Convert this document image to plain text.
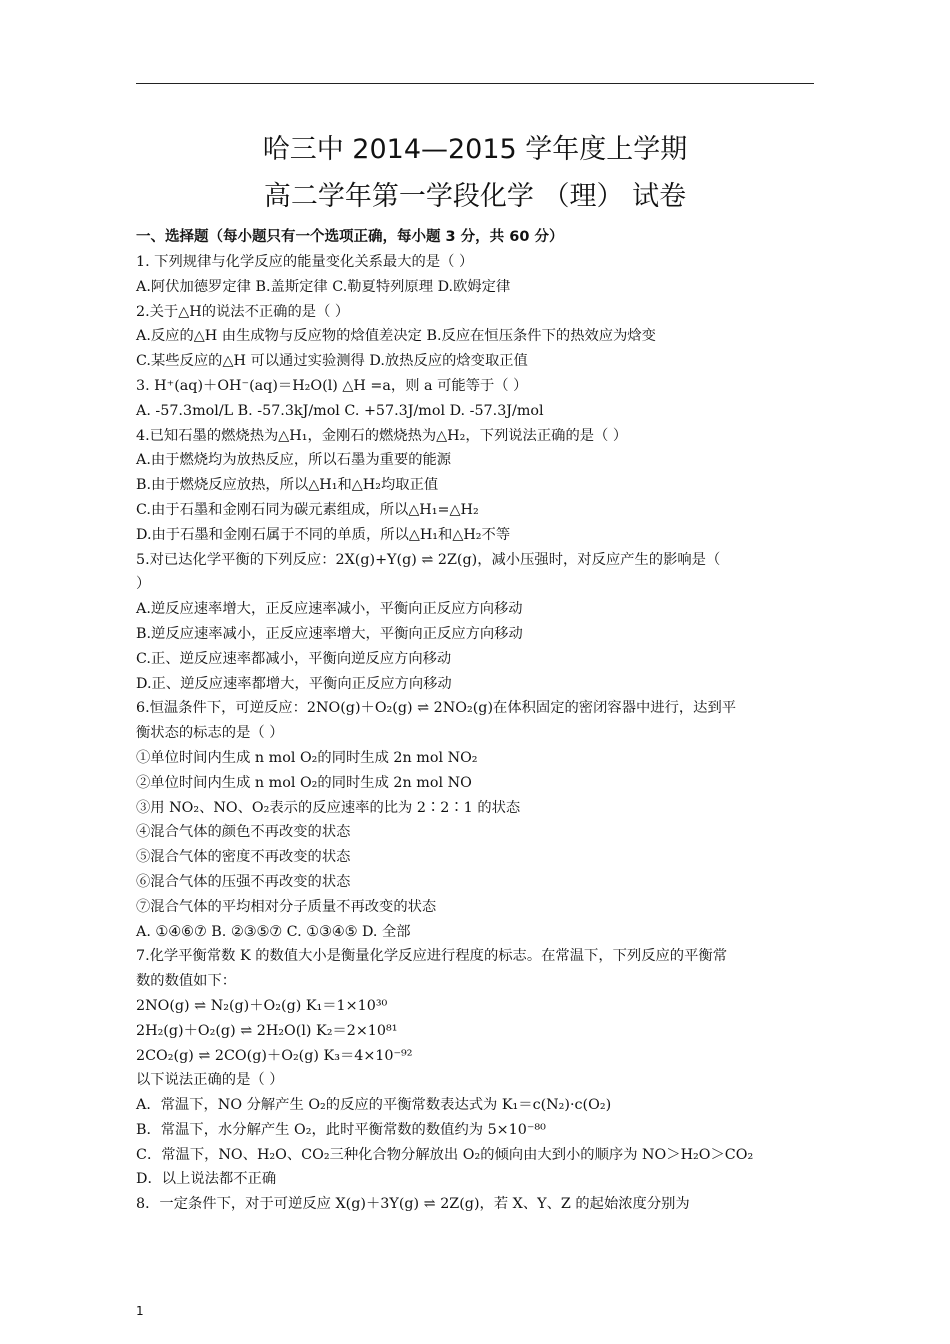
哈三中 2014—2015 学年度上学期
高二学年第一学段化学 （理） 试卷
一、选择题（每小题只有一个选项正确，每小题 3 分，共 60 分）
1. 下列规律与化学反应的能量变化关系最大的是（ ）
A.阿伏加德罗定律 B.盖斯定律 C.勒夏特列原理 D.欧姆定律
2.关于△H的说法不正确的是（ ）
A.反应的△H 由生成物与反应物的焓值差决定 B.反应在恒压条件下的热效应为焓变
C.某些反应的△H 可以通过实验测得 D.放热反应的焓变取正值
3. H⁺(aq)＋OH⁻(aq)＝H₂O(l) △H =a，则 a 可能等于（ ）
A. -57.3mol/L B. -57.3kJ/mol C. +57.3J/mol D. -57.3J/mol
4.已知石墨的燃烧热为△H₁，金刚石的燃烧热为△H₂，下列说法正确的是（ ）
A.由于燃烧均为放热反应，所以石墨为重要的能源
B.由于燃烧反应放热，所以△H₁和△H₂均取正值
C.由于石墨和金刚石同为碳元素组成，所以△H₁=△H₂
D.由于石墨和金刚石属于不同的单质，所以△H₁和△H₂不等
5.对已达化学平衡的下列反应：2X(g)+Y(g) ⇌ 2Z(g)，减小压强时，对反应产生的影响是（
）
A.逆反应速率增大，正反应速率减小，平衡向正反应方向移动
B.逆反应速率减小，正反应速率增大，平衡向正反应方向移动
C.正、逆反应速率都减小，平衡向逆反应方向移动
D.正、逆反应速率都增大，平衡向正反应方向移动
6.恒温条件下，可逆反应：2NO(g)＋O₂(g) ⇌ 2NO₂(g)在体积固定的密闭容器中进行，达到平
衡状态的标志的是（ ）
①单位时间内生成 n mol O₂的同时生成 2n mol NO₂
②单位时间内生成 n mol O₂的同时生成 2n mol NO
③用 NO₂、NO、O₂表示的反应速率的比为 2∶2∶1 的状态
④混合气体的颜色不再改变的状态
⑤混合气体的密度不再改变的状态
⑥混合气体的压强不再改变的状态
⑦混合气体的平均相对分子质量不再改变的状态
A. ①④⑥⑦ B. ②③⑤⑦ C. ①③④⑤ D. 全部
7.化学平衡常数 K 的数值大小是衡量化学反应进行程度的标志。在常温下，下列反应的平衡常
数的数值如下：
2NO(g) ⇌ N₂(g)＋O₂(g) K₁＝1×10³⁰
2H₂(g)＋O₂(g) ⇌ 2H₂O(l) K₂＝2×10⁸¹
2CO₂(g) ⇌ 2CO(g)＋O₂(g) K₃＝4×10⁻⁹²
以下说法正确的是（ ）
A．常温下，NO 分解产生 O₂的反应的平衡常数表达式为 K₁＝c(N₂)·c(O₂)
B．常温下，水分解产生 O₂，此时平衡常数的数值约为 5×10⁻⁸⁰
C．常温下，NO、H₂O、CO₂三种化合物分解放出 O₂的倾向由大到小的顺序为 NO＞H₂O＞CO₂
D．以上说法都不正确
8．一定条件下，对于可逆反应 X(g)＋3Y(g) ⇌ 2Z(g)，若 X、Y、Z 的起始浓度分别为
1
